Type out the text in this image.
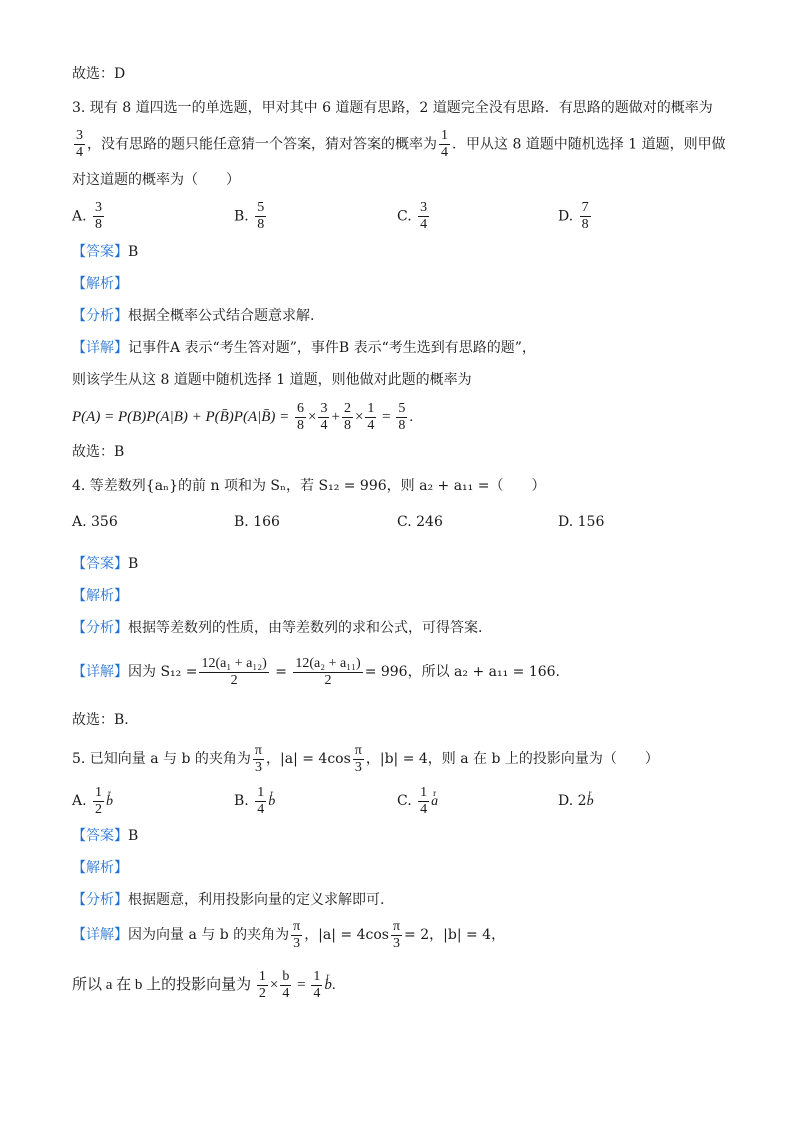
故选：D
3. 现有 8 道四选一的单选题，甲对其中 6 道题有思路，2 道题完全没有思路．有思路的题做对的概率为
$\frac{3}{4}$ ，没有思路的题只能任意猜一个答案，猜对答案的概率为 $\frac{1}{4}$ ．甲从这 8 道题中随机选择 1 道题，则甲做
对这道题的概率为（　　）
A. $\frac{3}{8}$	B. $\frac{5}{8}$	C. $\frac{3}{4}$	D. $\frac{7}{8}$
【答案】B
【解析】
【分析】根据全概率公式结合题意求解.
【详解】记事件A 表示“考生答对题”，事件B 表示“考生选到有思路的题”，
则该学生从这 8 道题中随机选择 1 道题，则他做对此题的概率为
P(A) = P(B)P(A|B) + P(B̄)P(A|B̄) = $\frac{6}{8} \times \frac{3}{4} + \frac{2}{8} \times \frac{1}{4} = \frac{5}{8}$ .
故选：B
4. 等差数列{aₙ}的前 n 项和为 Sₙ，若 S₁₂ = 996，则 a₂ + a₁₁ =（　　）
A. 356	B. 166	C. 246	D. 156
【答案】B
【解析】
【分析】根据等差数列的性质，由等差数列的求和公式，可得答案.
【详解】因为 $S_{12} = \frac{\text{12(a₁ + a₁₂)}}{2} = \frac{\text{12(a₂ + a₁₁)}}{2} = 996$，所以 a₂ + a₁₁ = 166.
故选：B.
5. 已知向量 a 与 b 的夹角为 $\frac{\pi}{3}$ ，$|a| = 4\cos \frac{\pi}{3}$ ，|b| = 4，则 a 在 b 上的投影向量为（　　）
A. $\frac{1}{2}$ r b	B. $\frac{1}{4}$ r b	C. $\frac{1}{4}$ r a	D. 2r b
【答案】B
【解析】
【分析】根据题意，利用投影向量的定义求解即可.
【详解】因为向量 a 与 b 的夹角为 $\frac{\pi}{3}$ ，$|a| = 4\cos \frac{\pi}{3} = 2$，|b| = 4，
所以 a 在 b 上的投影向量为 $\frac{1}{2} \times \frac{b}{4} = \frac{1}{4}$ r b.
